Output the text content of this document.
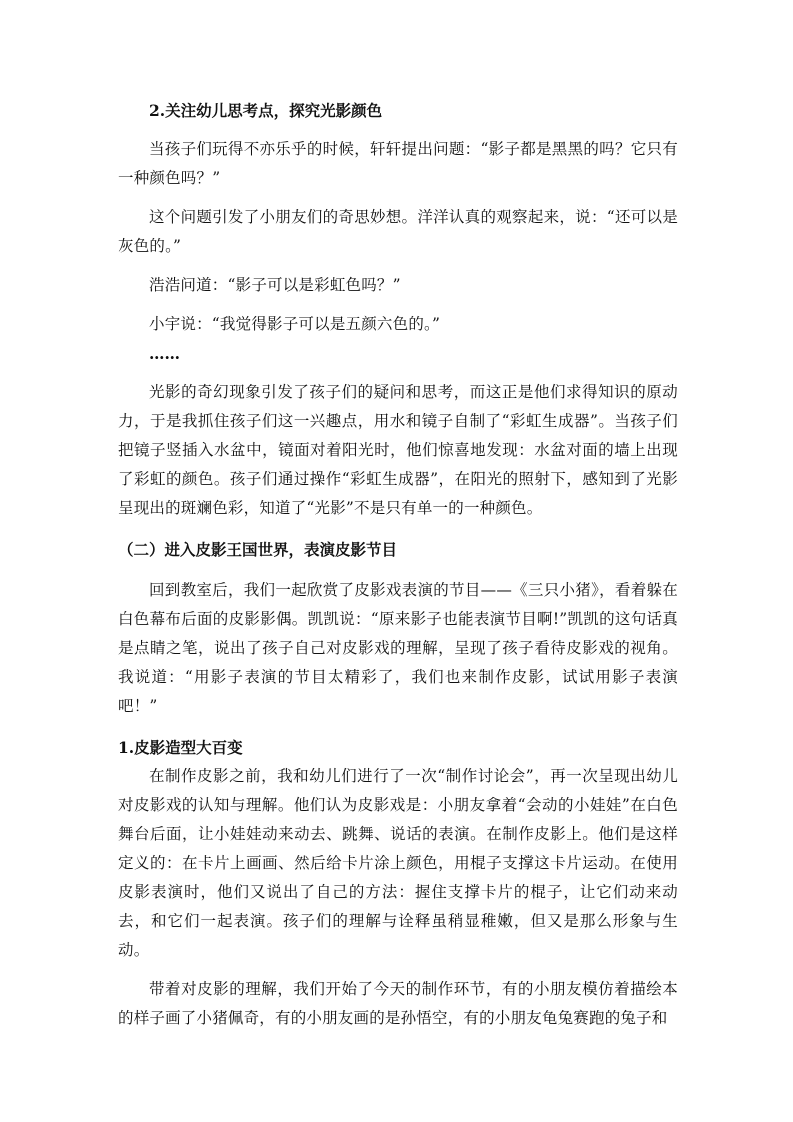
2.关注幼儿思考点，探究光影颜色

当孩子们玩得不亦乐乎的时候，轩轩提出问题：“影子都是黑黑的吗？它只有一种颜色吗？”

这个问题引发了小朋友们的奇思妙想。洋洋认真的观察起来，说：“还可以是灰色的。”

浩浩问道：“影子可以是彩虹色吗？”

小宇说：“我觉得影子可以是五颜六色的。”

……

光影的奇幻现象引发了孩子们的疑问和思考，而这正是他们求得知识的原动力，于是我抓住孩子们这一兴趣点，用水和镜子自制了“彩虹生成器”。当孩子们把镜子竖插入水盆中，镜面对着阳光时，他们惊喜地发现：水盆对面的墙上出现了彩虹的颜色。孩子们通过操作“彩虹生成器”，在阳光的照射下，感知到了光影呈现出的斑斓色彩，知道了“光影”不是只有单一的一种颜色。

（二）进入皮影王国世界，表演皮影节目

回到教室后，我们一起欣赏了皮影戏表演的节目——《三只小猪》，看着躲在白色幕布后面的皮影影偶。凯凯说：“原来影子也能表演节目啊!”凯凯的这句话真是点睛之笔，说出了孩子自己对皮影戏的理解，呈现了孩子看待皮影戏的视角。我说道：“用影子表演的节目太精彩了，我们也来制作皮影，试试用影子表演吧！”

1.皮影造型大百变

在制作皮影之前，我和幼儿们进行了一次“制作讨论会”，再一次呈现出幼儿对皮影戏的认知与理解。他们认为皮影戏是：小朋友拿着“会动的小娃娃”在白色舞台后面，让小娃娃动来动去、跳舞、说话的表演。在制作皮影上。他们是这样定义的：在卡片上画画、然后给卡片涂上颜色，用棍子支撑这卡片运动。在使用皮影表演时，他们又说出了自己的方法：握住支撑卡片的棍子，让它们动来动去，和它们一起表演。孩子们的理解与诠释虽稍显稚嫩，但又是那么形象与生动。

带着对皮影的理解，我们开始了今天的制作环节，有的小朋友模仿着描绘本的样子画了小猪佩奇，有的小朋友画的是孙悟空，有的小朋友龟兔赛跑的兔子和
